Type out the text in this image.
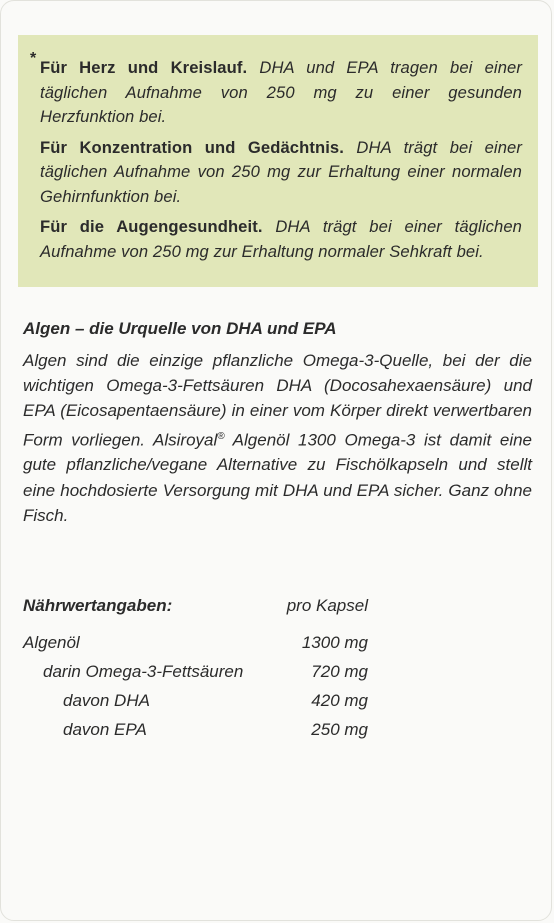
* Für Herz und Kreislauf. DHA und EPA tragen bei einer täglichen Aufnahme von 250 mg zu einer gesunden Herzfunktion bei.

Für Konzentration und Gedächtnis. DHA trägt bei einer täglichen Aufnahme von 250 mg zur Erhaltung einer normalen Gehirnfunktion bei.

Für die Augengesundheit. DHA trägt bei einer täglichen Aufnahme von 250 mg zur Erhaltung normaler Sehkraft bei.

Algen – die Urquelle von DHA und EPA
Algen sind die einzige pflanzliche Omega-3-Quelle, bei der die wichtigen Omega-3-Fettsäuren DHA (Docosahexaensäure) und EPA (Eicosapentaensäure) in einer vom Körper direkt verwertbaren Form vorliegen. Alsiroyal® Algenöl 1300 Omega-3 ist damit eine gute pflanzliche/vegane Alternative zu Fischölkapseln und stellt eine hochdosierte Versorgung mit DHA und EPA sicher. Ganz ohne Fisch.
Nährwertangaben:	pro Kapsel
Algenöl	1300 mg
darin Omega-3-Fettsäuren	720 mg
davon DHA	420 mg
davon EPA	250 mg
